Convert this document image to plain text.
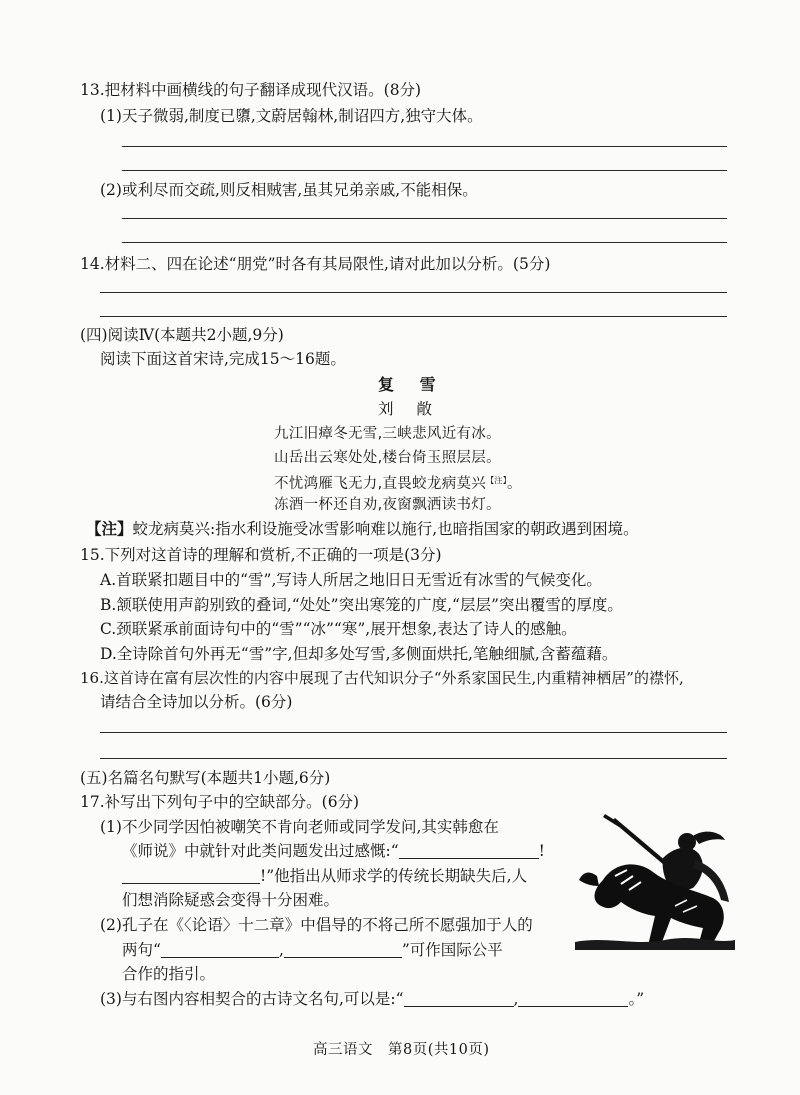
13.把材料中画横线的句子翻译成现代汉语。(8分)
(1)天子微弱,制度已隳,文蔚居翰林,制诏四方,独守大体。
(2)或利尽而交疏,则反相贼害,虽其兄弟亲戚,不能相保。
14.材料二、四在论述“朋党”时各有其局限性,请对此加以分析。(5分)
(四)阅读Ⅳ(本题共2小题,9分)
阅读下面这首宋诗,完成15～16题。
复 雪
刘 敞
九江旧瘴冬无雪,三峡悲风近有冰。
山岳出云寒处处,楼台倚玉照层层。
不忧鸿雁飞无力,直畏蛟龙病莫兴$^{【注】}$。
冻酒一杯还自劝,夜窗飘洒读书灯。
【注】蛟龙病莫兴:指水利设施受冰雪影响难以施行,也暗指国家的朝政遇到困境。
15.下列对这首诗的理解和赏析,不正确的一项是(3分)
A.首联紧扣题目中的“雪”,写诗人所居之地旧日无雪近有冰雪的气候变化。
B.颔联使用声韵别致的叠词,“处处”突出寒笼的广度,“层层”突出覆雪的厚度。
C.颈联紧承前面诗句中的“雪”“冰”“寒”,展开想象,表达了诗人的感触。
D.全诗除首句外再无“雪”字,但却多处写雪,多侧面烘托,笔触细腻,含蓄蕴藉。
16.这首诗在富有层次性的内容中展现了古代知识分子“外系家国民生,内重精神栖居”的襟怀,
请结合全诗加以分析。(6分)
(五)名篇名句默写(本题共1小题,6分)
17.补写出下列句子中的空缺部分。(6分)
(1)不少同学因怕被嘲笑不肯向老师或同学发问,其实韩愈在
《师说》中就针对此类问题发出过感慨:“	!
!”他指出从师求学的传统长期缺失后,人
们想消除疑惑会变得十分困难。
(2)孔子在《〈论语〉十二章》中倡导的不将己所不愿强加于人的
两句“	,	”可作国际公平
合作的指引。
(3)与右图内容相契合的古诗文名句,可以是:“	,	。”
高三语文　第8页(共10页)
